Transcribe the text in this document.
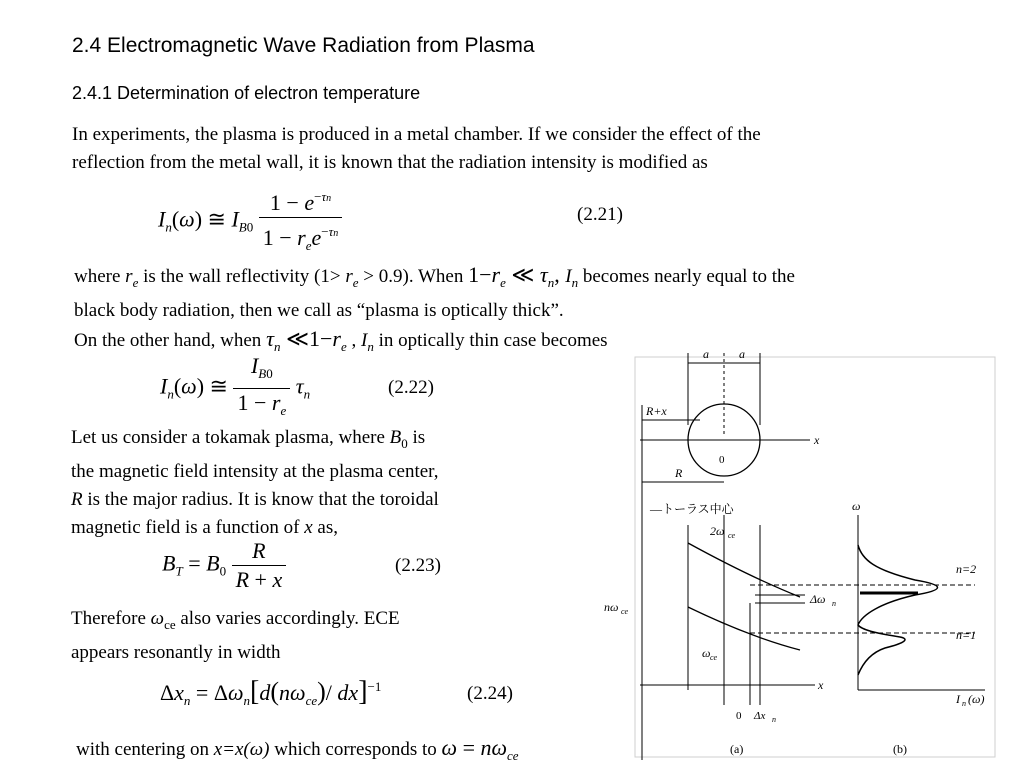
2.4 Electromagnetic Wave Radiation from Plasma
2.4.1 Determination of electron temperature
In experiments, the plasma is produced in a metal chamber. If we consider the effect of the
reflection from the metal wall, it is known that the radiation intensity is modified as
$I_n(\omega)$ ≅ $I_{B0} \frac{1 - e^{-\tau n}}{1 - r_ee^{-\tau n}}$	(2.21)
where $r_e$ is the wall reflectivity $(1> r_e > 0.9)$. When $1-r_e$ ≪ $\tau_n$, $I_n$ becomes nearly equal to the
black body radiation, then we call as “plasma is optically thick”.
On the other hand, when $\tau_n$ $≪1-r_e$ , $I_n$ in optically thin case becomes
$I_n(\omega)$ ≅ $\frac{I_{B0}}{1 - r_e} \tau_n$	(2.22)
Let us consider a tokamak plasma, where $B_0$ is
the magnetic field intensity at the plasma center,
R is the major radius. It is know that the toroidal
magnetic field is a function of x as,
$B_T = B_0 \frac{R}{R + x}$	(2.23)
Therefore $\omega_{ce}$ also varies accordingly. ECE
appears resonantly in width
$\Delta x_n = \Delta\omega_n[d(n\omega_{ce})/$ dx]$^{-1}$	(2.24)
with centering on x=x(ω) which corresponds to $\omega = n\omega_{ce}$
a	a
x
0
R+x
R
―トーラス中心
x
2ω ce
ω ce
nω ce
Δω n
0 Δx n
ω
n=2
n=1
I n (ω)
(a)	(b)
